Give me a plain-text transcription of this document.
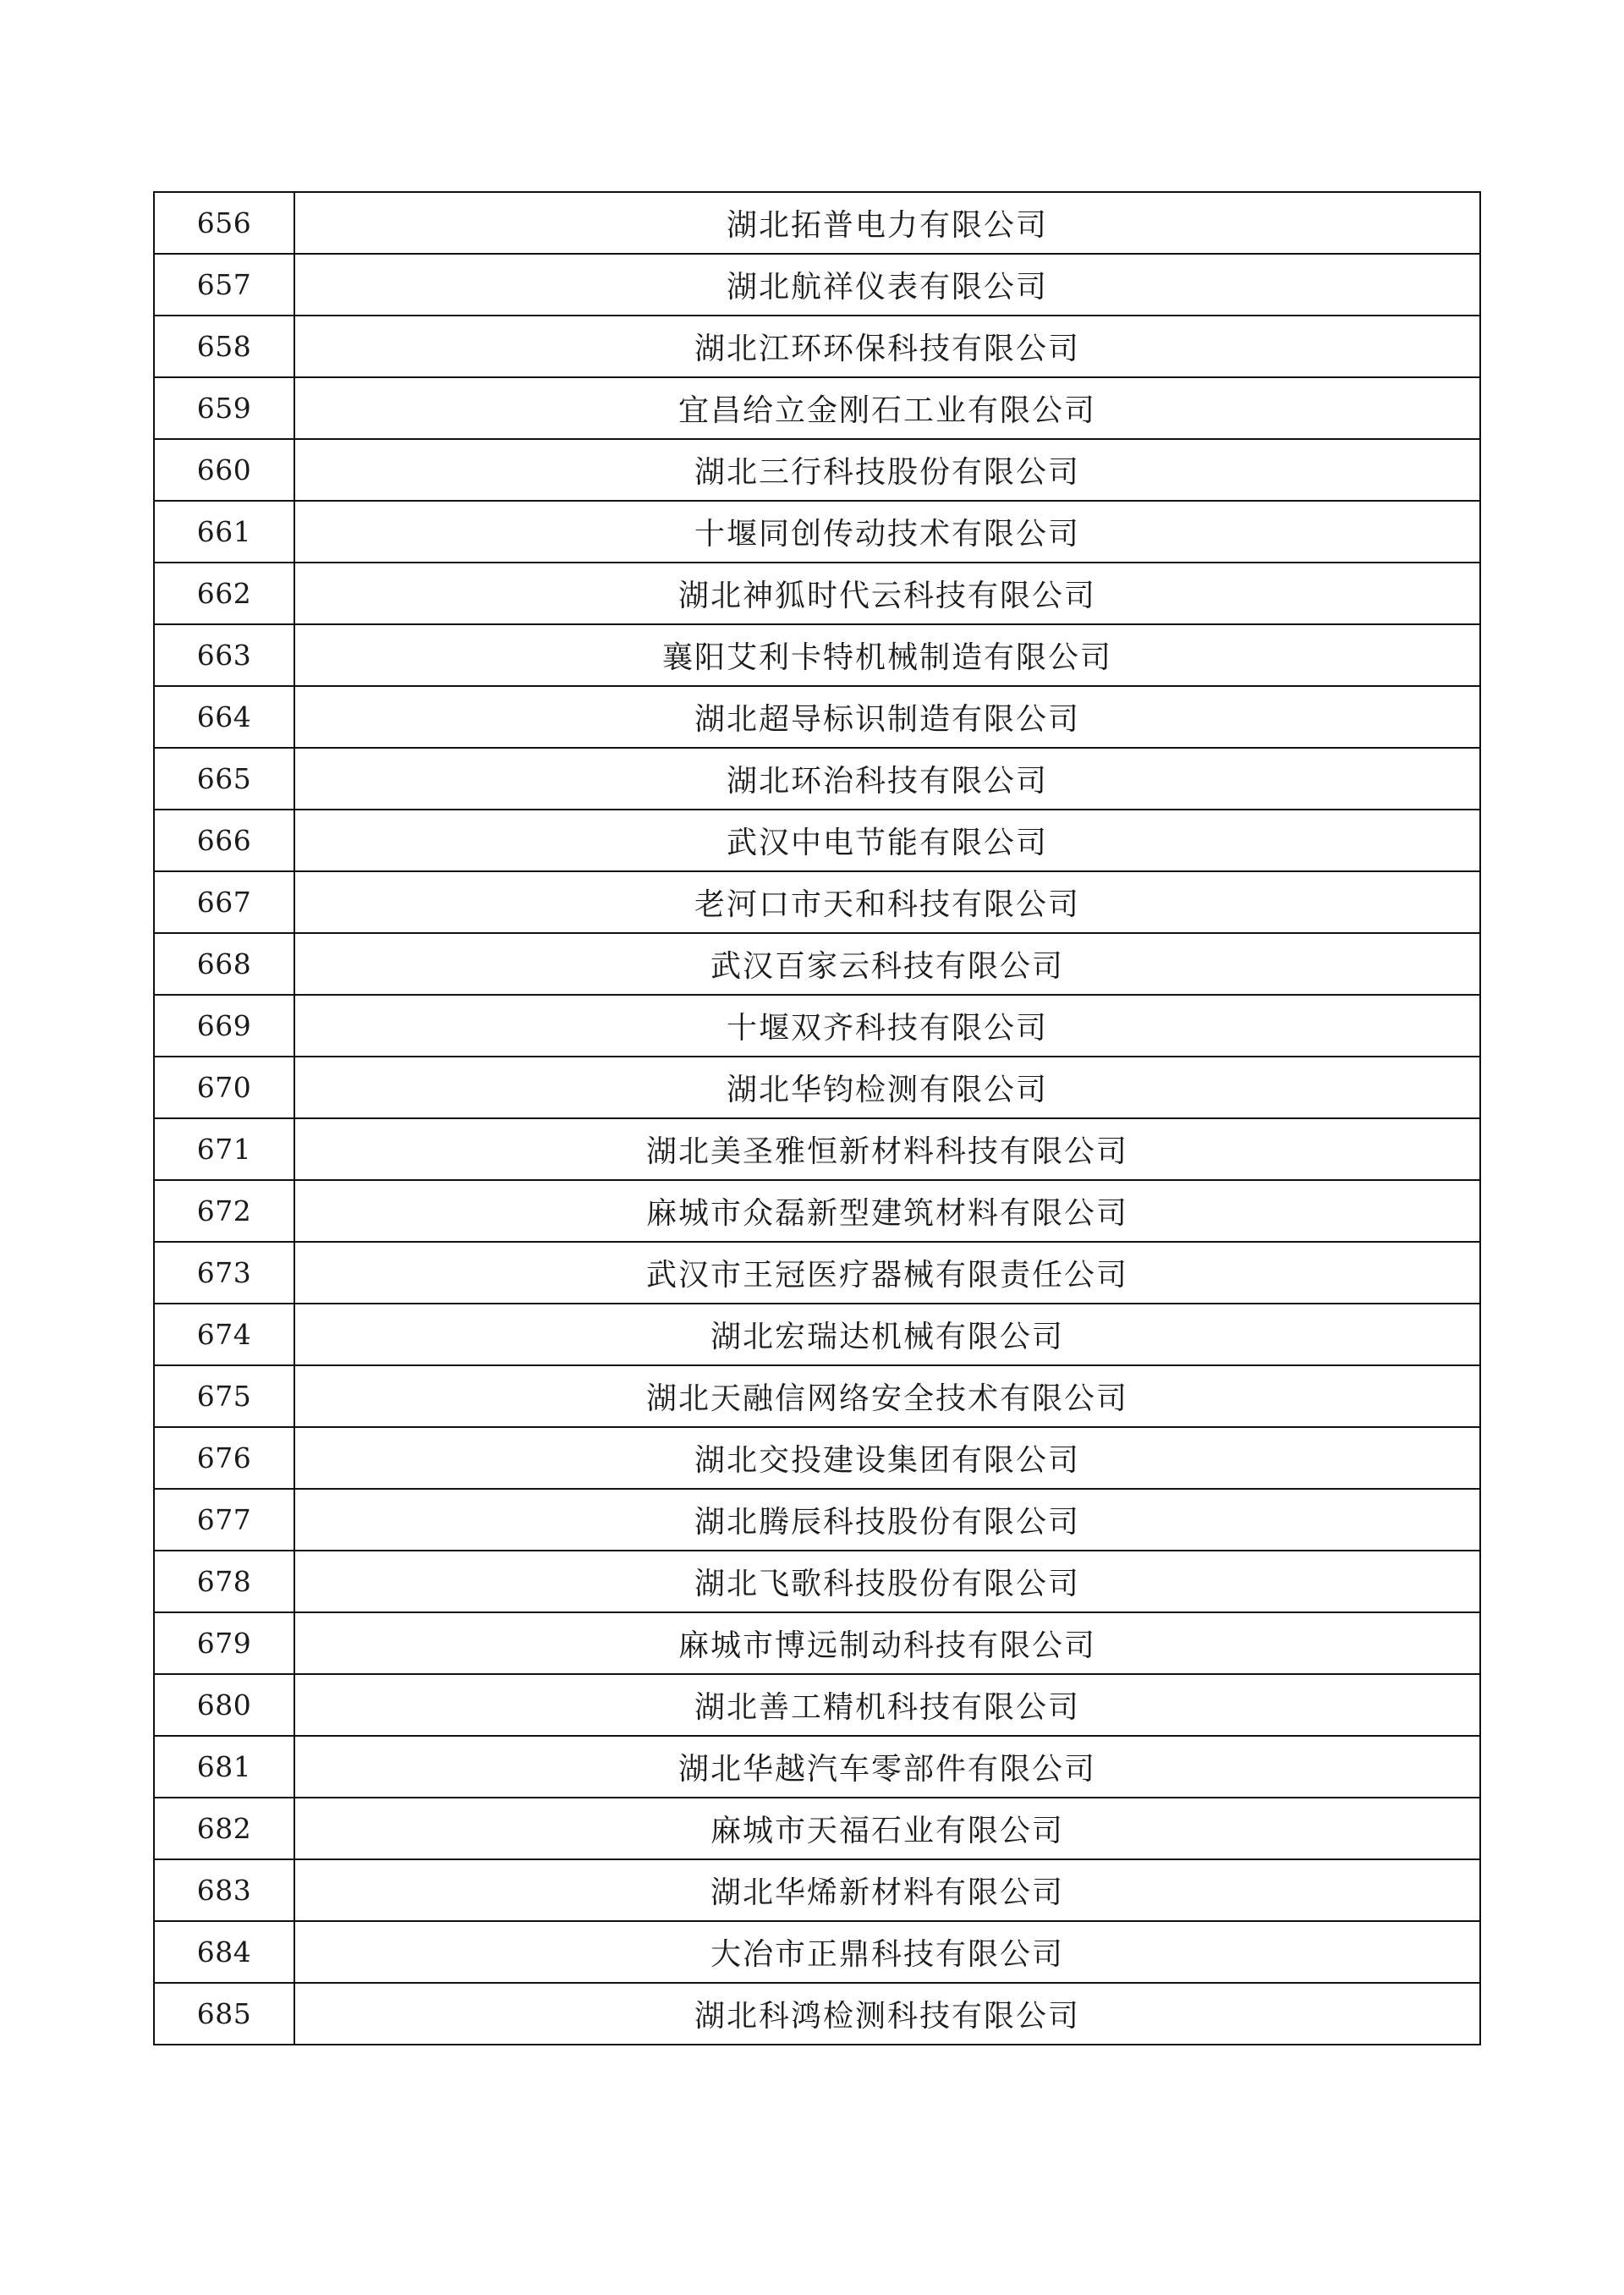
656	湖北拓普电力有限公司
657	湖北航祥仪表有限公司
658	湖北江环环保科技有限公司
659	宜昌给立金刚石工业有限公司
660	湖北三行科技股份有限公司
661	十堰同创传动技术有限公司
662	湖北神狐时代云科技有限公司
663	襄阳艾利卡特机械制造有限公司
664	湖北超导标识制造有限公司
665	湖北环治科技有限公司
666	武汉中电节能有限公司
667	老河口市天和科技有限公司
668	武汉百家云科技有限公司
669	十堰双齐科技有限公司
670	湖北华钧检测有限公司
671	湖北美圣雅恒新材料科技有限公司
672	麻城市众磊新型建筑材料有限公司
673	武汉市王冠医疗器械有限责任公司
674	湖北宏瑞达机械有限公司
675	湖北天融信网络安全技术有限公司
676	湖北交投建设集团有限公司
677	湖北腾辰科技股份有限公司
678	湖北飞歌科技股份有限公司
679	麻城市博远制动科技有限公司
680	湖北善工精机科技有限公司
681	湖北华越汽车零部件有限公司
682	麻城市天福石业有限公司
683	湖北华烯新材料有限公司
684	大冶市正鼎科技有限公司
685	湖北科鸿检测科技有限公司
